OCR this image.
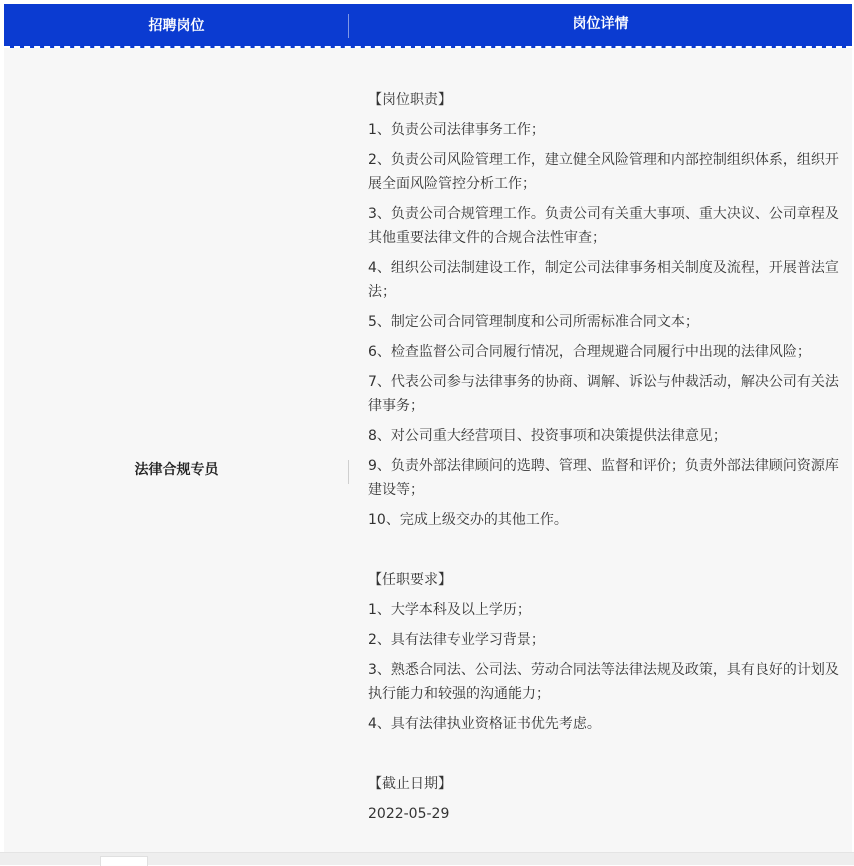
招聘岗位	岗位详情
法律合规专员
【岗位职责】
1、负责公司法律事务工作；
2、负责公司风险管理工作，建立健全风险管理和内部控制组织体系，组织开展全面风险管控分析工作；
3、负责公司合规管理工作。负责公司有关重大事项、重大决议、公司章程及其他重要法律文件的合规合法性审查；
4、组织公司法制建设工作，制定公司法律事务相关制度及流程，开展普法宣法；
5、制定公司合同管理制度和公司所需标准合同文本；
6、检查监督公司合同履行情况，合理规避合同履行中出现的法律风险；
7、代表公司参与法律事务的协商、调解、诉讼与仲裁活动，解决公司有关法律事务；
8、对公司重大经营项目、投资事项和决策提供法律意见；
9、负责外部法律顾问的选聘、管理、监督和评价；负责外部法律顾问资源库建设等；
10、完成上级交办的其他工作。
【任职要求】
1、大学本科及以上学历；
2、具有法律专业学习背景；
3、熟悉合同法、公司法、劳动合同法等法律法规及政策，具有良好的计划及执行能力和较强的沟通能力；
4、具有法律执业资格证书优先考虑。
【截止日期】
2022-05-29
